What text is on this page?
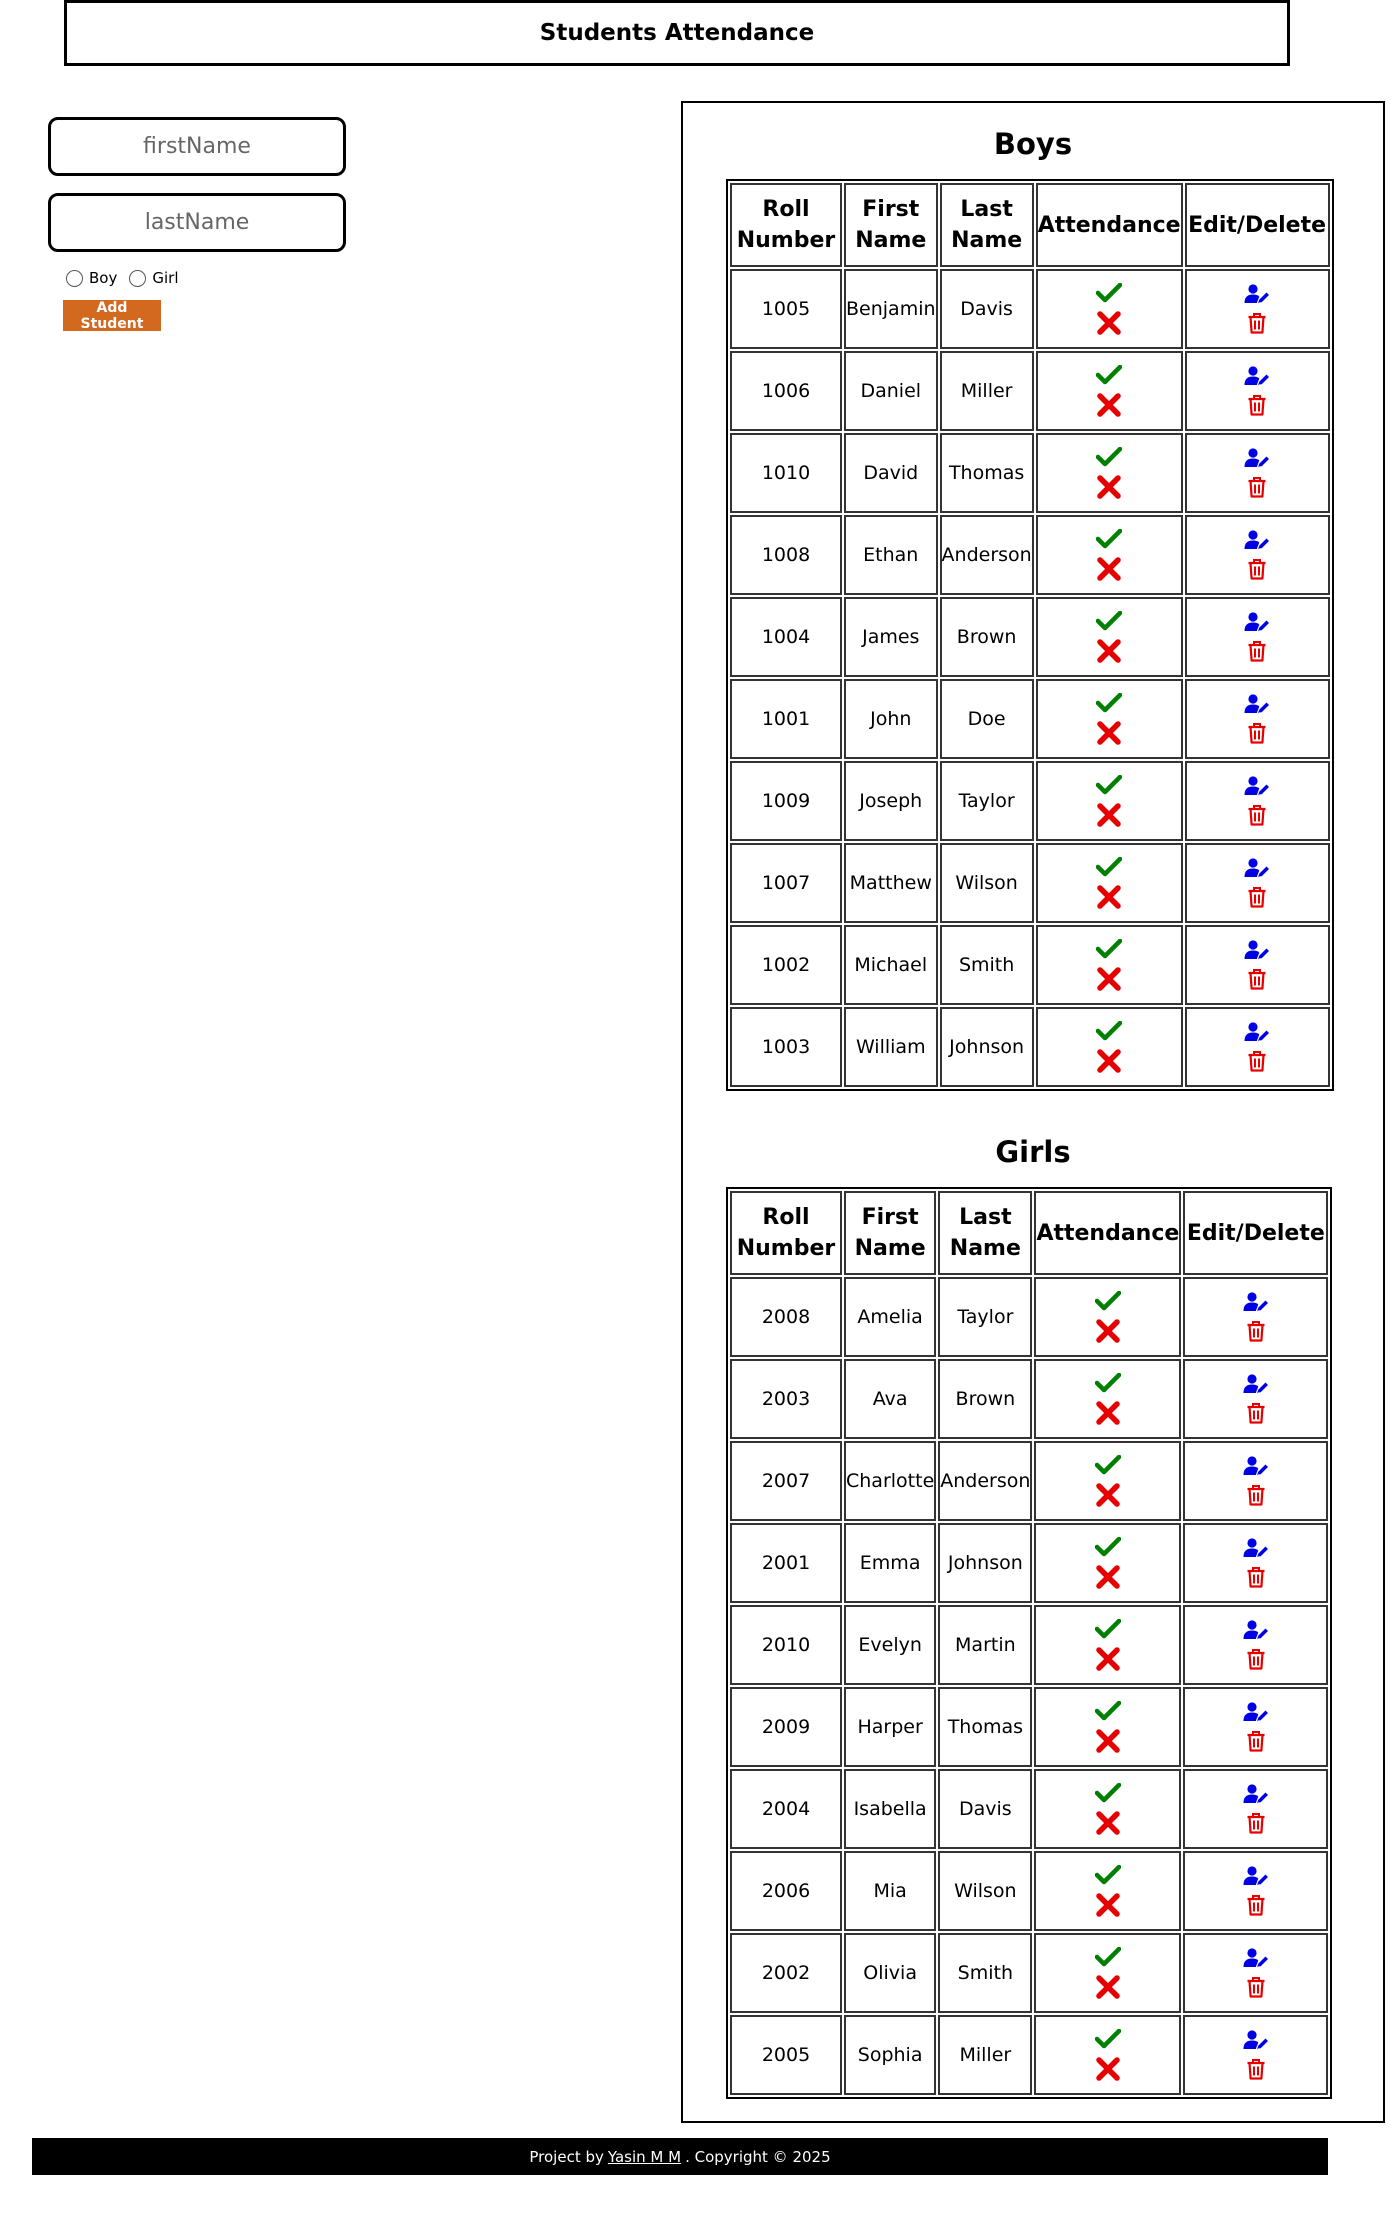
Students Attendance
firstName
lastName
Boy Girl
Add Student
Boys
Roll Number	First Name	Last Name	Attendance	Edit/Delete
1005	Benjamin	Davis	

1006	Daniel	Miller	

1010	David	Thomas	

1008	Ethan	Anderson	

1004	James	Brown	

1001	John	Doe	

1009	Joseph	Taylor	

1007	Matthew	Wilson	

1002	Michael	Smith	

1003	William	Johnson	

Girls
Roll Number	First Name	Last Name	Attendance	Edit/Delete
2008	Amelia	Taylor	

2003	Ava	Brown	

2007	Charlotte	Anderson	

2001	Emma	Johnson	

2010	Evelyn	Martin	

2009	Harper	Thomas	

2004	Isabella	Davis	

2006	Mia	Wilson	

2002	Olivia	Smith	

2005	Sophia	Miller	

Project by Yasin M M . Copyright © 2025
